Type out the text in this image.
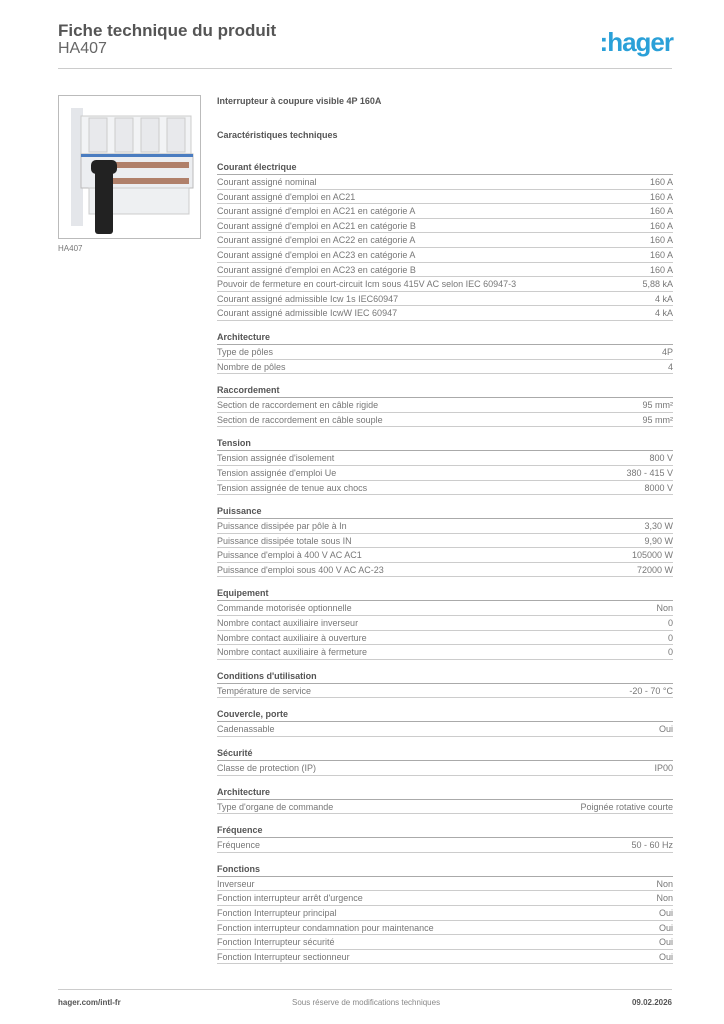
Fiche technique du produit
HA407	:hager
HA407
Interrupteur à coupure visible 4P 160A
Caractéristiques techniques
Courant électrique
Courant assigné nominal	160 A
Courant assigné d'emploi en AC21	160 A
Courant assigné d'emploi en AC21 en catégorie A	160 A
Courant assigné d'emploi en AC21 en catégorie B	160 A
Courant assigné d'emploi en AC22 en catégorie A	160 A
Courant assigné d'emploi en AC23 en catégorie A	160 A
Courant assigné d'emploi en AC23 en catégorie B	160 A
Pouvoir de fermeture en court-circuit Icm sous 415V AC selon IEC 60947-3	5,88 kA
Courant assigné admissible Icw 1s IEC60947	4 kA
Courant assigné admissible IcwW IEC 60947	4 kA
Architecture
Type de pôles	4P
Nombre de pôles	4
Raccordement
Section de raccordement en câble rigide	95 mm²
Section de raccordement en câble souple	95 mm²
Tension
Tension assignée d'isolement	800 V
Tension assignée d'emploi Ue	380 - 415 V
Tension assignée de tenue aux chocs	8000 V
Puissance
Puissance dissipée par pôle à In	3,30 W
Puissance dissipée totale sous IN	9,90 W
Puissance d'emploi à 400 V AC AC1	105000 W
Puissance d'emploi sous 400 V AC AC-23	72000 W
Equipement
Commande motorisée optionnelle	Non
Nombre contact auxiliaire inverseur	0
Nombre contact auxiliaire à ouverture	0
Nombre contact auxiliaire à fermeture	0
Conditions d'utilisation
Température de service	-20 - 70 °C
Couvercle, porte
Cadenassable	Oui
Sécurité
Classe de protection (IP)	IP00
Architecture
Type d'organe de commande	Poignée rotative courte
Fréquence
Fréquence	50 - 60 Hz
Fonctions
Inverseur	Non
Fonction interrupteur arrêt d'urgence	Non
Fonction Interrupteur principal	Oui
Fonction interrupteur condamnation pour maintenance	Oui
Fonction Interrupteur sécurité	Oui
Fonction Interrupteur sectionneur	Oui
hager.com/intl-fr	Sous réserve de modifications techniques	09.02.2026
